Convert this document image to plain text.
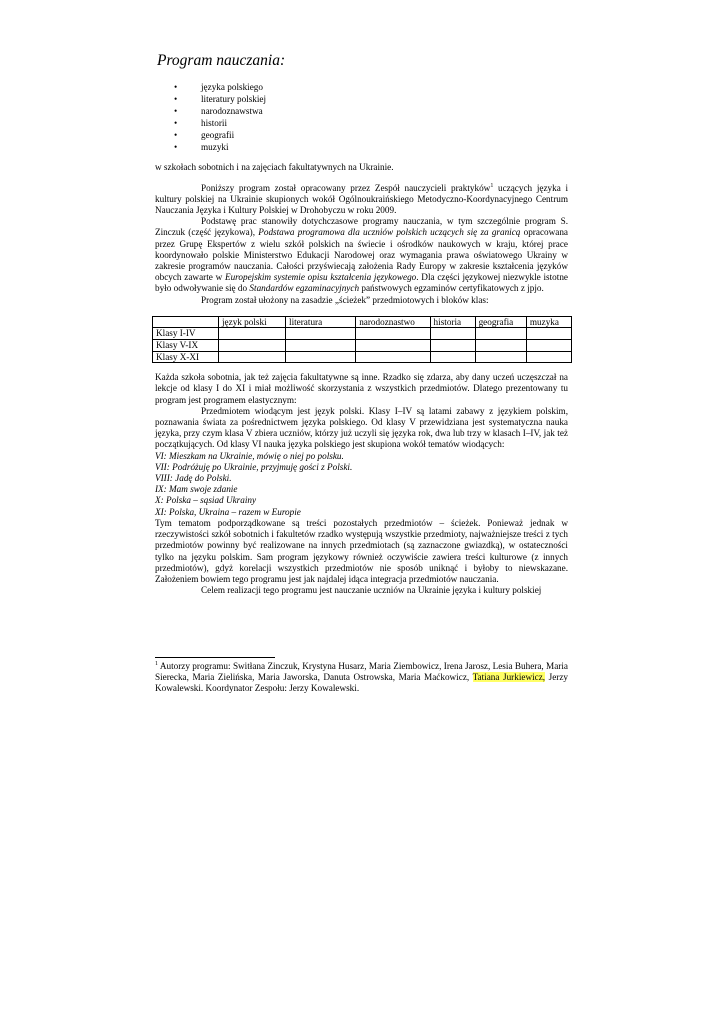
Program nauczania:
•	języka polskiego
•	literatury polskiej
•	narodoznawstwa
•	historii
•	geografii
•	muzyki

w szkołach sobotnich i na zajęciach fakultatywnych na Ukrainie.

Poniższy program został opracowany przez Zespół nauczycieli praktyków$^1$ uczących języka i kultury polskiej na Ukrainie skupionych wokół Ogólnoukraińskiego Metodyczno-Koordynacyjnego Centrum Nauczania Języka i Kultury Polskiej w Drohobyczu w roku 2009.

Podstawę prac stanowiły dotychczasowe programy nauczania, w tym szczególnie program S. Zinczuk (część językowa), Podstawa programowa dla uczniów polskich uczących się za granicą opracowana przez Grupę Ekspertów z wielu szkół polskich na świecie i ośrodków naukowych w kraju, której prace koordynowało polskie Ministerstwo Edukacji Narodowej oraz wymagania prawa oświatowego Ukrainy w zakresie programów nauczania. Całości przyświecają założenia Rady Europy w zakresie kształcenia języków obcych zawarte w Europejskim systemie opisu kształcenia językowego. Dla części językowej niezwykle istotne było odwoływanie się do Standardów egzaminacyjnych państwowych egzaminów certyfikatowych z jpjo.

Program został ułożony na zasadzie „ścieżek” przedmiotowych i bloków klas:

	język polski	literatura	narodoznastwo	historia	geografia	muzyka
Klasy I-IV						
Klasy V-IX						
Klasy X-XI						

Każda szkoła sobotnia, jak też zajęcia fakultatywne są inne. Rzadko się zdarza, aby dany uczeń uczęszczał na lekcje od klasy I do XI i miał możliwość skorzystania z wszystkich przedmiotów. Dlatego prezentowany tu program jest programem elastycznym:

Przedmiotem wiodącym jest język polski. Klasy I–IV są latami zabawy z językiem polskim, poznawania świata za pośrednictwem języka polskiego. Od klasy V przewidziana jest systematyczna nauka języka, przy czym klasa V zbiera uczniów, którzy już uczyli się języka rok, dwa lub trzy w klasach I–IV, jak też początkujących. Od klasy VI nauka języka polskiego jest skupiona wokół tematów wiodących:

VI: Mieszkam na Ukrainie, mówię o niej po polsku.
VII: Podróżuję po Ukrainie, przyjmuję gości z Polski.
VIII: Jadę do Polski.
IX: Mam swoje zdanie
X: Polska – sąsiad Ukrainy
XI: Polska, Ukraina – razem w Europie

Tym tematom podporządkowane są treści pozostałych przedmiotów – ścieżek. Ponieważ jednak w rzeczywistości szkół sobotnich i fakultetów rzadko występują wszystkie przedmioty, najważniejsze treści z tych przedmiotów powinny być realizowane na innych przedmiotach (są zaznaczone gwiazdką), w ostateczności tylko na języku polskim. Sam program językowy również oczywiście zawiera treści kulturowe (z innych przedmiotów), gdyż korelacji wszystkich przedmiotów nie sposób uniknąć i byłoby to niewskazane. Założeniem bowiem tego programu jest jak najdalej idąca integracja przedmiotów nauczania.

Celem realizacji tego programu jest nauczanie uczniów na Ukrainie języka i kultury polskiej

$^1$ Autorzy programu: Switłana Zinczuk, Krystyna Husarz, Maria Ziembowicz, Irena Jarosz, Lesia Buhera, Maria Sierecka, Maria Zielińska, Maria Jaworska, Danuta Ostrowska, Maria Maćkowicz, Tatiana Jurkiewicz, Jerzy Kowalewski. Koordynator Zespołu: Jerzy Kowalewski.
